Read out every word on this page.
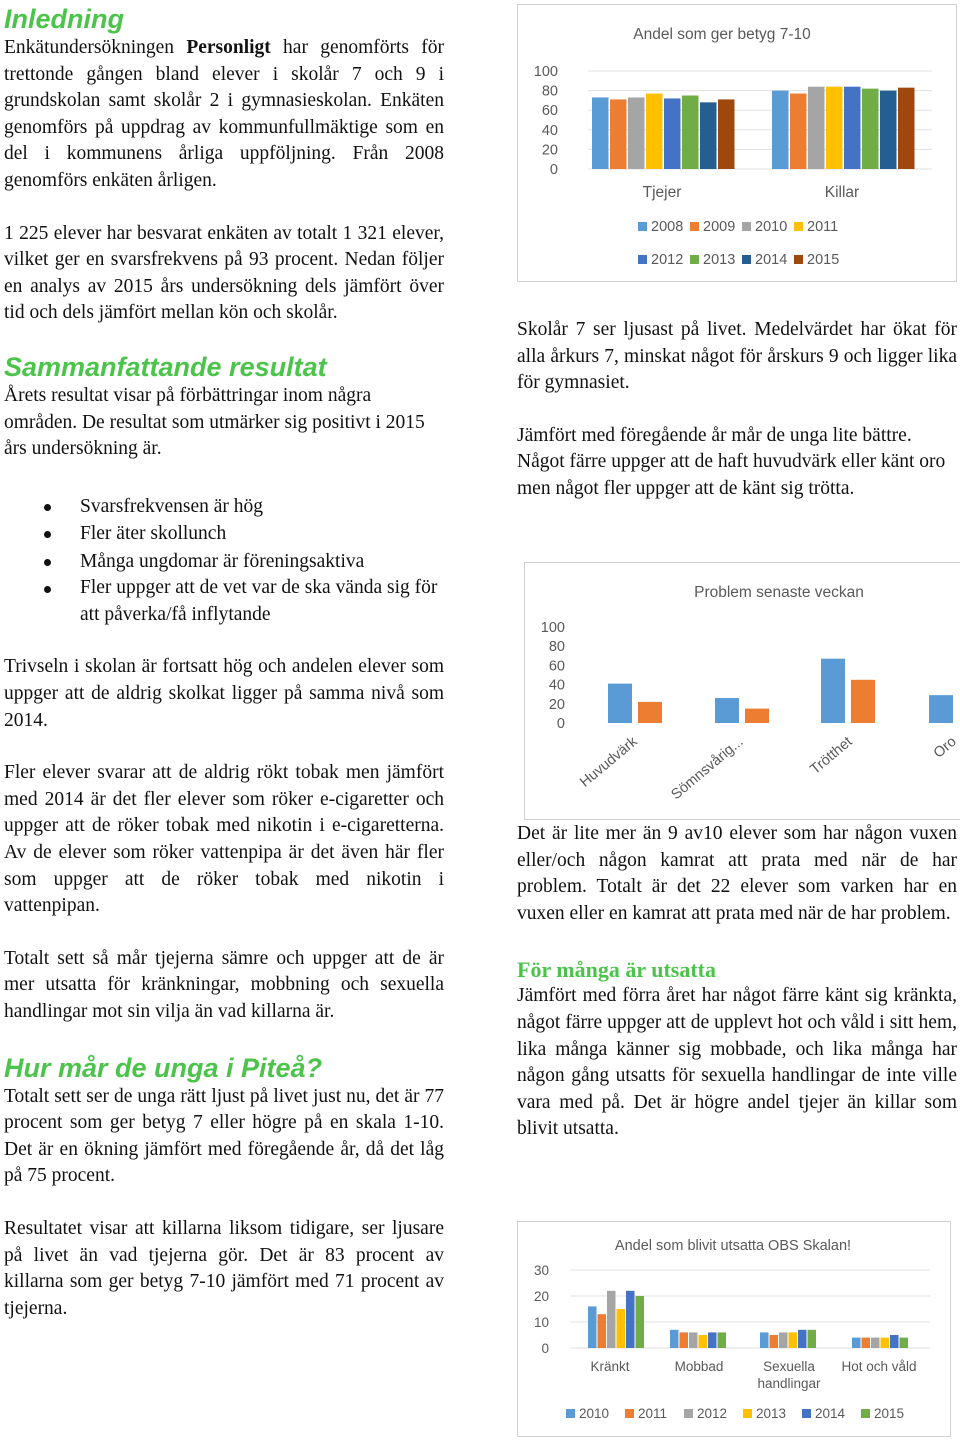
Inledning

Enkätundersökningen Personligt har genomförts för trettonde gången bland elever i skolår 7 och 9 i grundskolan samt skolår 2 i gymnasieskolan. Enkäten genomförs på uppdrag av kommunfullmäktige som en del i kommunens årliga uppföljning. Från 2008 genomförs enkäten årligen.

1 225 elever har besvarat enkäten av totalt 1 321 elever, vilket ger en svarsfrekvens på 93 procent. Nedan följer en analys av 2015 års undersökning dels jämfört över tid och dels jämfört mellan kön och skolår.

Sammanfattande resultat

Årets resultat visar på förbättringar inom några områden. De resultat som utmärker sig positivt i 2015 års undersökning är.

Svarsfrekvensen är hög
Fler äter skollunch
Många ungdomar är föreningsaktiva
Fler uppger att de vet var de ska vända sig för att påverka/få inflytande

Trivseln i skolan är fortsatt hög och andelen elever som uppger att de aldrig skolkat ligger på samma nivå som 2014.

Fler elever svarar att de aldrig rökt tobak men jämfört med 2014 är det fler elever som röker e-cigaretter och uppger att de röker tobak med nikotin i e-cigaretterna. Av de elever som röker vattenpipa är det även här fler som uppger att de röker tobak med nikotin i vattenpipan.

Totalt sett så mår tjejerna sämre och uppger att de är mer utsatta för kränkningar, mobbning och sexuella handlingar mot sin vilja än vad killarna är.

Hur mår de unga i Piteå?

Totalt sett ser de unga rätt ljust på livet just nu, det är 77 procent som ger betyg 7 eller högre på en skala 1-10. Det är en ökning jämfört med föregående år, då det låg på 75 procent.

Resultatet visar att killarna liksom tidigare, ser ljusare på livet än vad tjejerna gör. Det är 83 procent av killarna som ger betyg 7-10 jämfört med 71 procent av tjejerna.

Andel som ger betyg 7-10
100
80
60
40
20
0
Tjejer	Killar
2008 2009 2010 2011
2012 2013 2014 2015

Skolår 7 ser ljusast på livet. Medelvärdet har ökat för alla årkurs 7, minskat något för årskurs 9 och ligger lika för gymnasiet.

Jämfört med föregående år mår de unga lite bättre. Något färre uppger att de haft huvudvärk eller känt oro men något fler uppger att de känt sig trötta.

Problem senaste veckan
100
80
60
40
20
0
Huvudvärk Sömnsvårig...	Trötthet	Oro

Det är lite mer än 9 av10 elever som har någon vuxen eller/och någon kamrat att prata med när de har problem. Totalt är det 22 elever som varken har en vuxen eller en kamrat att prata med när de har problem.

För många är utsatta

Jämfört med förra året har något färre känt sig kränkta, något färre uppger att de upplevt hot och våld i sitt hem, lika många känner sig mobbade, och lika många har någon gång utsatts för sexuella handlingar de inte ville vara med på. Det är högre andel tjejer än killar som blivit utsatta.

Andel som blivit utsatta OBS Skalan!
30
20
10
0
Kränkt	Mobbad	Sexuella
handlingar
Hot och våld
2010 2011 2012 2013 2014 2015
